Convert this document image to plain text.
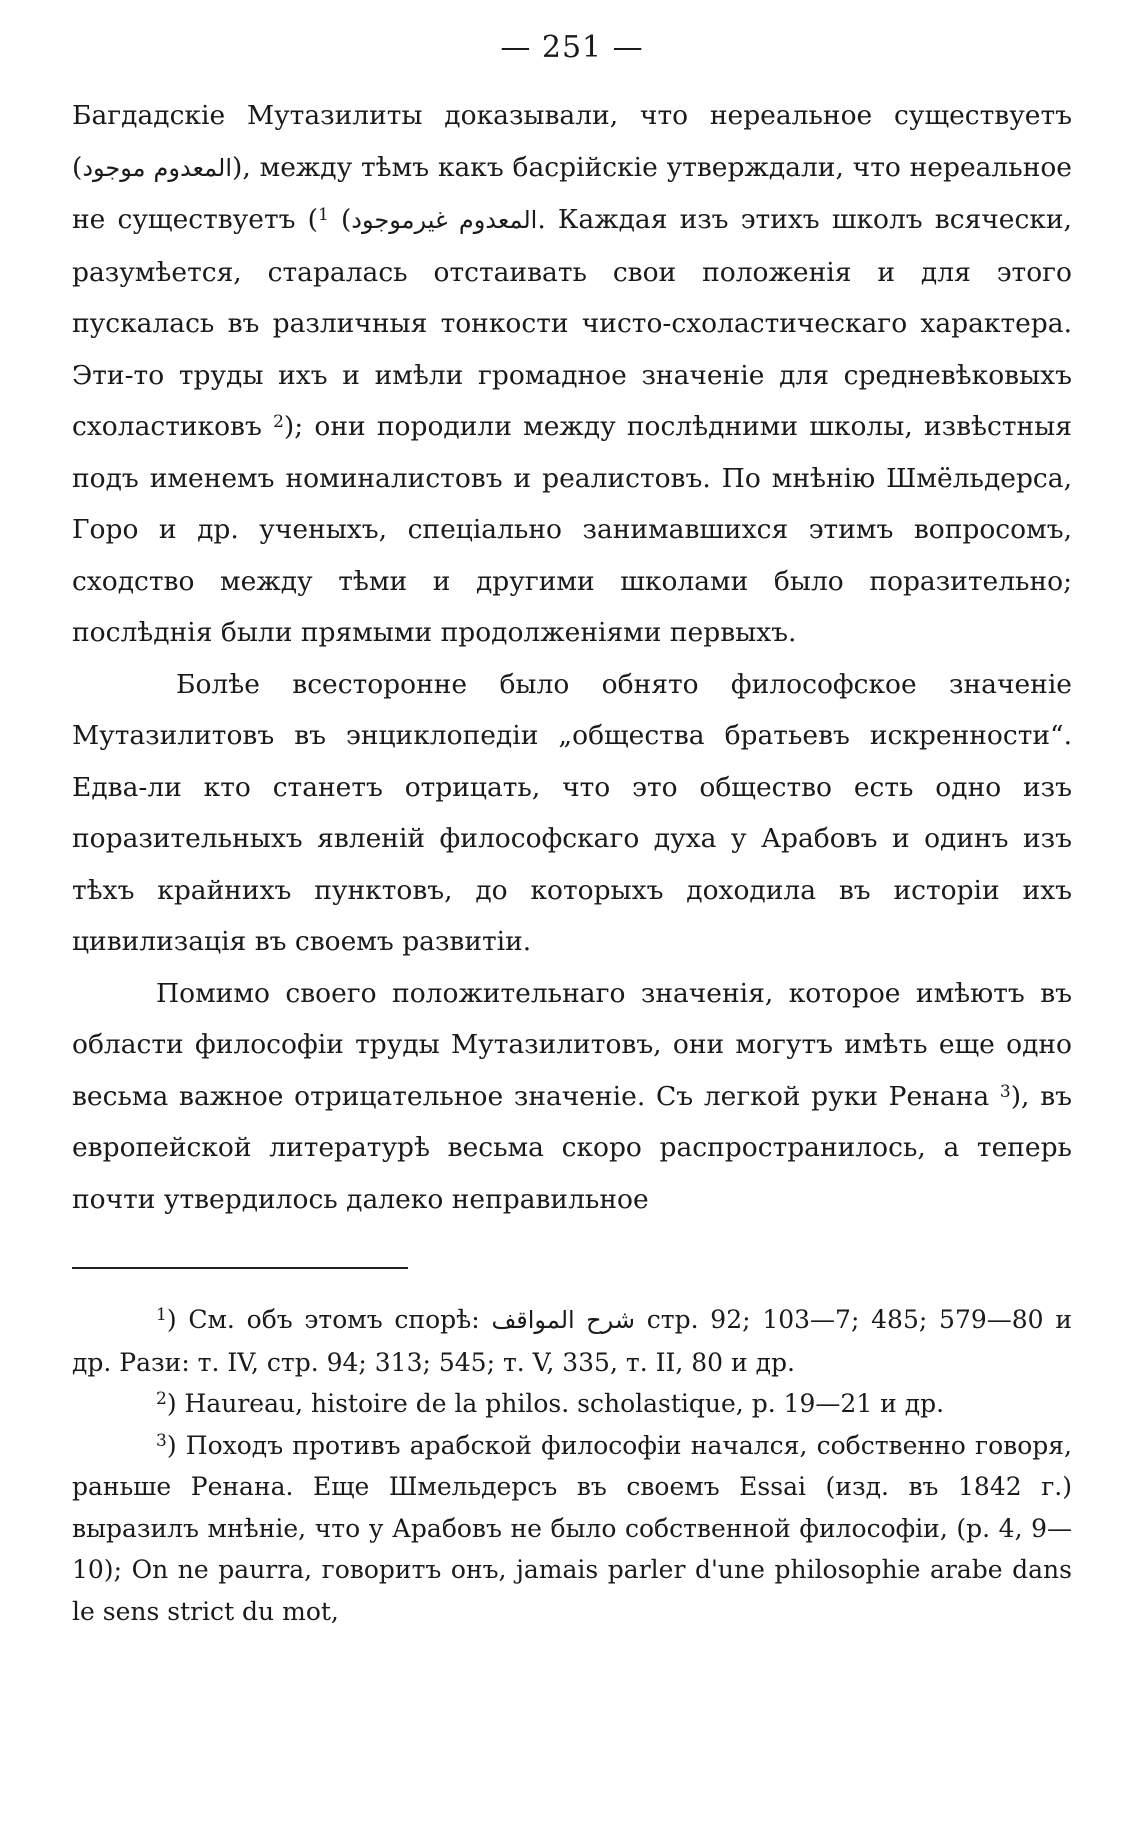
— 251 —

Багдадскіе Мутазилиты доказывали, что нереальное существуетъ (المعدوم موجود), между тѣмъ какъ басрійскіе утверждали, что нереальное не существуетъ ( المعدوم غيرموجود) $^1$	. Каждая изъ этихъ школъ всячески, разумѣется, старалась отстаивать свои положенія и для этого пускалась въ различныя тонкости чисто-схоластическаго характера. Эти-то труды ихъ и имѣли громадное значеніе для средневѣковыхъ схоластиковъ $^2$); они породили между послѣдними школы, извѣстныя подъ именемъ номиналистовъ и реалистовъ. По мнѣнію Шмёльдерса, Горо и др. ученыхъ, спеціально занимавшихся этимъ вопросомъ, сходство между тѣми и другими школами было поразительно; послѣднія были прямыми продолженіями первыхъ.

Болѣе всесторонне было обнято философское значеніе Мутазилитовъ въ энциклопедіи „общества братьевъ искренности“. Едва-ли кто станетъ отрицать, что это общество есть одно изъ поразительныхъ явленій философскаго духа у Арабовъ и одинъ изъ тѣхъ крайнихъ пунктовъ, до которыхъ доходила въ исторіи ихъ цивилизація въ своемъ развитіи.

Помимо своего положительнаго значенія, которое имѣютъ въ области философіи труды Мутазилитовъ, они могутъ имѣть еще одно весьма важное отрицательное значеніе. Съ легкой руки Ренана $^3$), въ европейской литературѣ весьма скоро распространилось, а теперь почти утвердилось далеко неправильное

$^1$) См. объ этомъ спорѣ: شرح المواقف стр. 92; 103—7; 485; 579—80 и др. Рази: т. IV, стр. 94; 313; 545; т. V, 335, т. II, 80 и др.

$^2$) Haureau, histoire de la philos. scholastique, p. 19—21 и др.

$^3$) Походъ противъ арабской философіи начался, собственно говоря, раньше Ренана. Еще Шмельдерсъ въ своемъ Essai (изд. въ 1842 г.) выразилъ мнѣніе, что у Арабовъ не было собственной философіи, (р. 4, 9—10); On ne paurra, говоритъ онъ, jamais parler d'une philosophie arabe dans le sens strict du mot,
